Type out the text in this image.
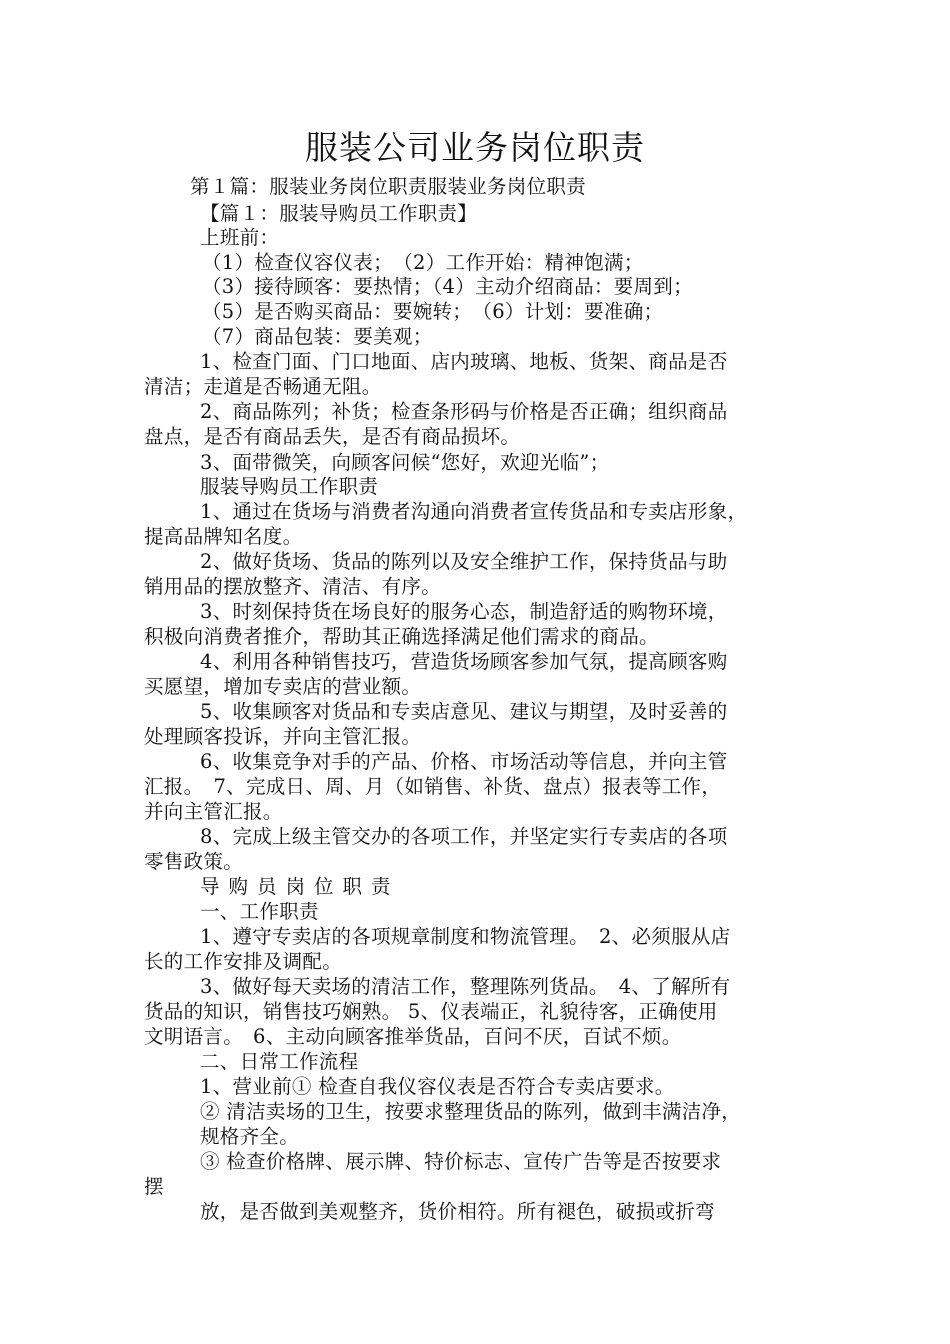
服装公司业务岗位职责
第１篇：服装业务岗位职责服装业务岗位职责
【篇１：服装导购员工作职责】
上班前：
（1）检查仪容仪表；　（2）工作开始：精神饱满；
（3）接待顾客：要热情；（4）主动介绍商品：要周到；
（5）是否购买商品：要婉转；　（6）计划：要准确；
（7）商品包装：要美观；
1、检查门面、门口地面、店内玻璃、地板、货架、商品是否
清洁；走道是否畅通无阻。
2、商品陈列；补货；检查条形码与价格是否正确；组织商品
盘点，是否有商品丢失，是否有商品损坏。
3、面带微笑，向顾客问候“您好，欢迎光临”；
服装导购员工作职责
1、通过在货场与消费者沟通向消费者宣传货品和专卖店形象，
提高品牌知名度。
2、做好货场、货品的陈列以及安全维护工作，保持货品与助
销用品的摆放整齐、清洁、有序。
3、时刻保持货在场良好的服务心态，制造舒适的购物环境，
积极向消费者推介，帮助其正确选择满足他们需求的商品。
4、利用各种销售技巧，营造货场顾客参加气氛，提高顾客购
买愿望，增加专卖店的营业额。
5、收集顾客对货品和专卖店意见、建议与期望，及时妥善的
处理顾客投诉，并向主管汇报。
6、收集竞争对手的产品、价格、市场活动等信息，并向主管
汇报。　7、完成日、周、月（如销售、补货、盘点）报表等工作，
并向主管汇报。
8、完成上级主管交办的各项工作，并坚定实行专卖店的各项
零售政策。
导购员岗位职责
一、工作职责
1、遵守专卖店的各项规章制度和物流管理。　2、必须服从店
长的工作安排及调配。
3、做好每天卖场的清洁工作，整理陈列货品。　4、了解所有
货品的知识，销售技巧娴熟。 5、仪表端正，礼貌待客，正确使用
文明语言。　6、主动向顾客推举货品，百问不厌，百试不烦。
二、日常工作流程
1、营业前① 检查自我仪容仪表是否符合专卖店要求。
② 清洁卖场的卫生，按要求整理货品的陈列，做到丰满洁净，
规格齐全。
③ 检查价格牌、展示牌、特价标志、宣传广告等是否按要求
摆
放，是否做到美观整齐，货价相符。所有褪色，破损或折弯
